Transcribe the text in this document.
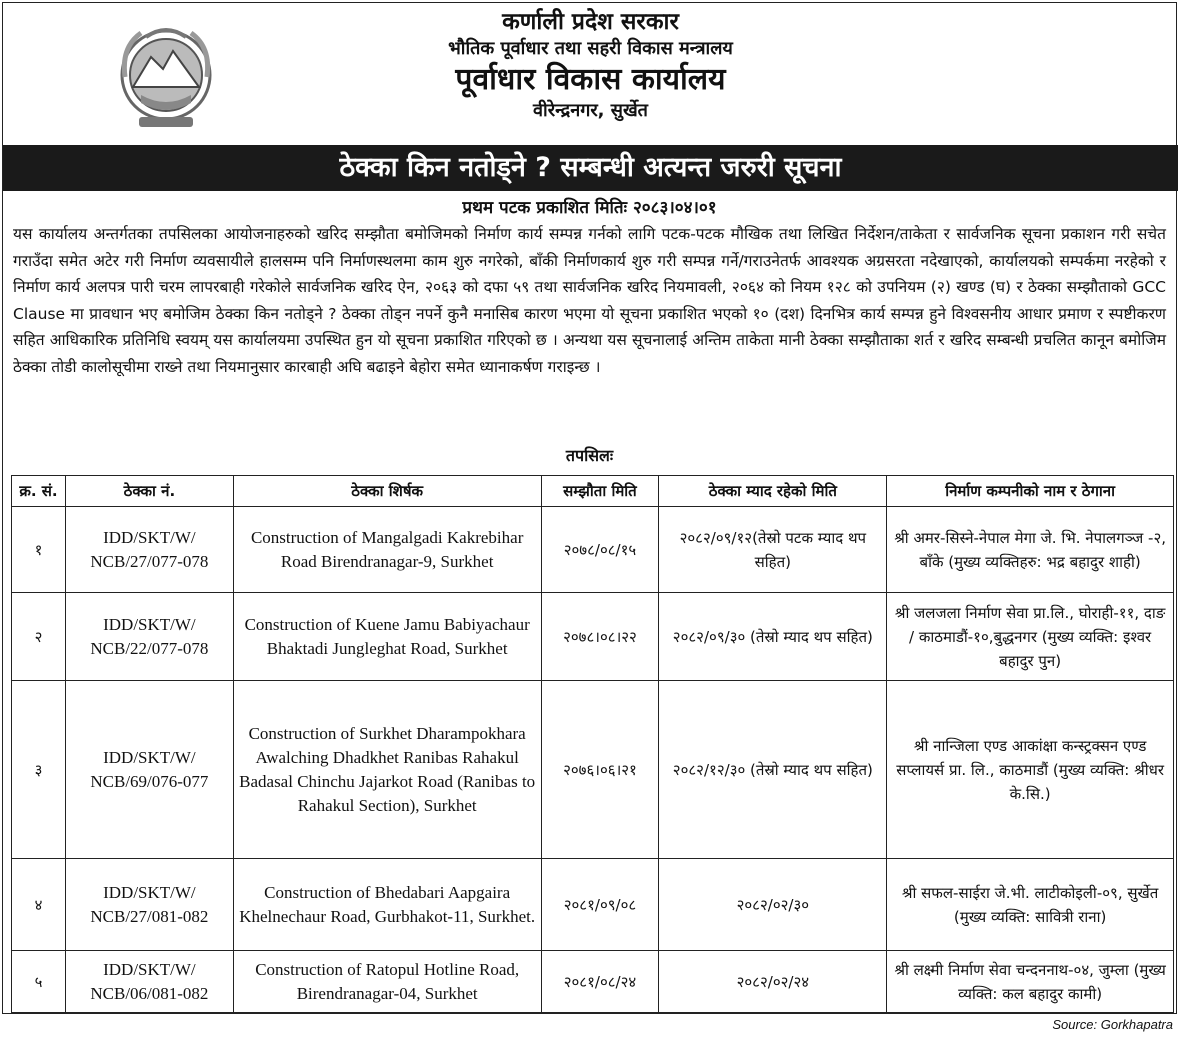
कर्णाली प्रदेश सरकार
भौतिक पूर्वाधार तथा सहरी विकास मन्त्रालय
पूर्वाधार विकास कार्यालय
वीरेन्द्रनगर, सुर्खेत
ठेक्का किन नतोड्ने ? सम्बन्धी अत्यन्त जरुरी सूचना
प्रथम पटक प्रकाशित मितिः २०८३।०४।०१
यस कार्यालय अन्तर्गतका तपसिलका आयोजनाहरुको खरिद सम्झौता बमोजिमको निर्माण कार्य सम्पन्न गर्नको लागि पटक-पटक मौखिक तथा लिखित निर्देशन/ताकेता र सार्वजनिक सूचना प्रकाशन गरी सचेत गराउँदा समेत अटेर गरी निर्माण व्यवसायीले हालसम्म पनि निर्माणस्थलमा काम शुरु नगरेको, बाँकी निर्माणकार्य शुरु गरी सम्पन्न गर्ने/गराउनेतर्फ आवश्यक अग्रसरता नदेखाएको, कार्यालयको सम्पर्कमा नरहेको र निर्माण कार्य अलपत्र पारी चरम लापरबाही गरेकोले सार्वजनिक खरिद ऐन, २०६३ को दफा ५९ तथा सार्वजनिक खरिद नियमावली, २०६४ को नियम १२८ को उपनियम (२) खण्ड (घ) र ठेक्का सम्झौताको GCC Clause मा प्रावधान भए बमोजिम ठेक्का किन नतोड्ने ? ठेक्का तोड्न नपर्ने कुनै मनासिब कारण भएमा यो सूचना प्रकाशित भएको १० (दश) दिनभित्र कार्य सम्पन्न हुने विश्वसनीय आधार प्रमाण र स्पष्टीकरण सहित आधिकारिक प्रतिनिधि स्वयम् यस कार्यालयमा उपस्थित हुन यो सूचना प्रकाशित गरिएको छ । अन्यथा यस सूचनालाई अन्तिम ताकेता मानी ठेक्का सम्झौताका शर्त र खरिद सम्बन्धी प्रचलित कानून बमोजिम ठेक्का तोडी कालोसूचीमा राख्ने तथा नियमानुसार कारबाही अघि बढाइने बेहोरा समेत ध्यानाकर्षण गराइन्छ ।
तपसिलः
क्र. सं.	ठेक्का नं.	ठेक्का शिर्षक	सम्झौता मिति	ठेक्का म्याद रहेको मिति	निर्माण कम्पनीको नाम र ठेगाना
१	IDD/SKT/W/ NCB/27/077-078	Construction of Mangalgadi Kakrebihar Road Birendranagar-9, Surkhet	२०७८/०८/१५	२०८२/०९/१२(तेस्रो पटक म्याद थप सहित)	श्री अमर-सिस्ने-नेपाल मेगा जे. भि. नेपालगञ्ज -२, बाँके (मुख्य व्यक्तिहरु: भद्र बहादुर शाही)
२	IDD/SKT/W/ NCB/22/077-078	Construction of Kuene Jamu Babiyachaur Bhaktadi Jungleghat Road, Surkhet	२०७८।०८।२२	२०८२/०९/३० (तेस्रो म्याद थप सहित)	श्री जलजला निर्माण सेवा प्रा.लि., घोराही-११, दाङ / काठमाडौं-१०,बुद्धनगर (मुख्य व्यक्ति: इश्वर बहादुर पुन)
३	IDD/SKT/W/ NCB/69/076-077	Construction of Surkhet Dharampokhara Awalching Dhadkhet Ranibas Rahakul Badasal Chinchu Jajarkot Road (Ranibas to Rahakul Section), Surkhet	२०७६।०६।२१	२०८२/१२/३० (तेस्रो म्याद थप सहित)	श्री नान्जिला एण्ड आकांक्षा कन्स्ट्रक्सन एण्ड सप्लायर्स प्रा. लि., काठमाडौं (मुख्य व्यक्ति: श्रीधर के.सि.)
४	IDD/SKT/W/ NCB/27/081-082	Construction of Bhedabari Aapgaira Khelnechaur Road, Gurbhakot-11, Surkhet.	२०८१/०९/०८	२०८२/०२/३०	श्री सफल-साईरा जे.भी. लाटीकोइली-०९, सुर्खेत (मुख्य व्यक्ति: सावित्री राना)
५	IDD/SKT/W/ NCB/06/081-082	Construction of Ratopul Hotline Road, Birendranagar-04, Surkhet	२०८१/०८/२४	२०८२/०२/२४	श्री लक्ष्मी निर्माण सेवा चन्दननाथ-०४, जुम्ला (मुख्य व्यक्ति: कल बहादुर कामी)
Source: Gorkhapatra
